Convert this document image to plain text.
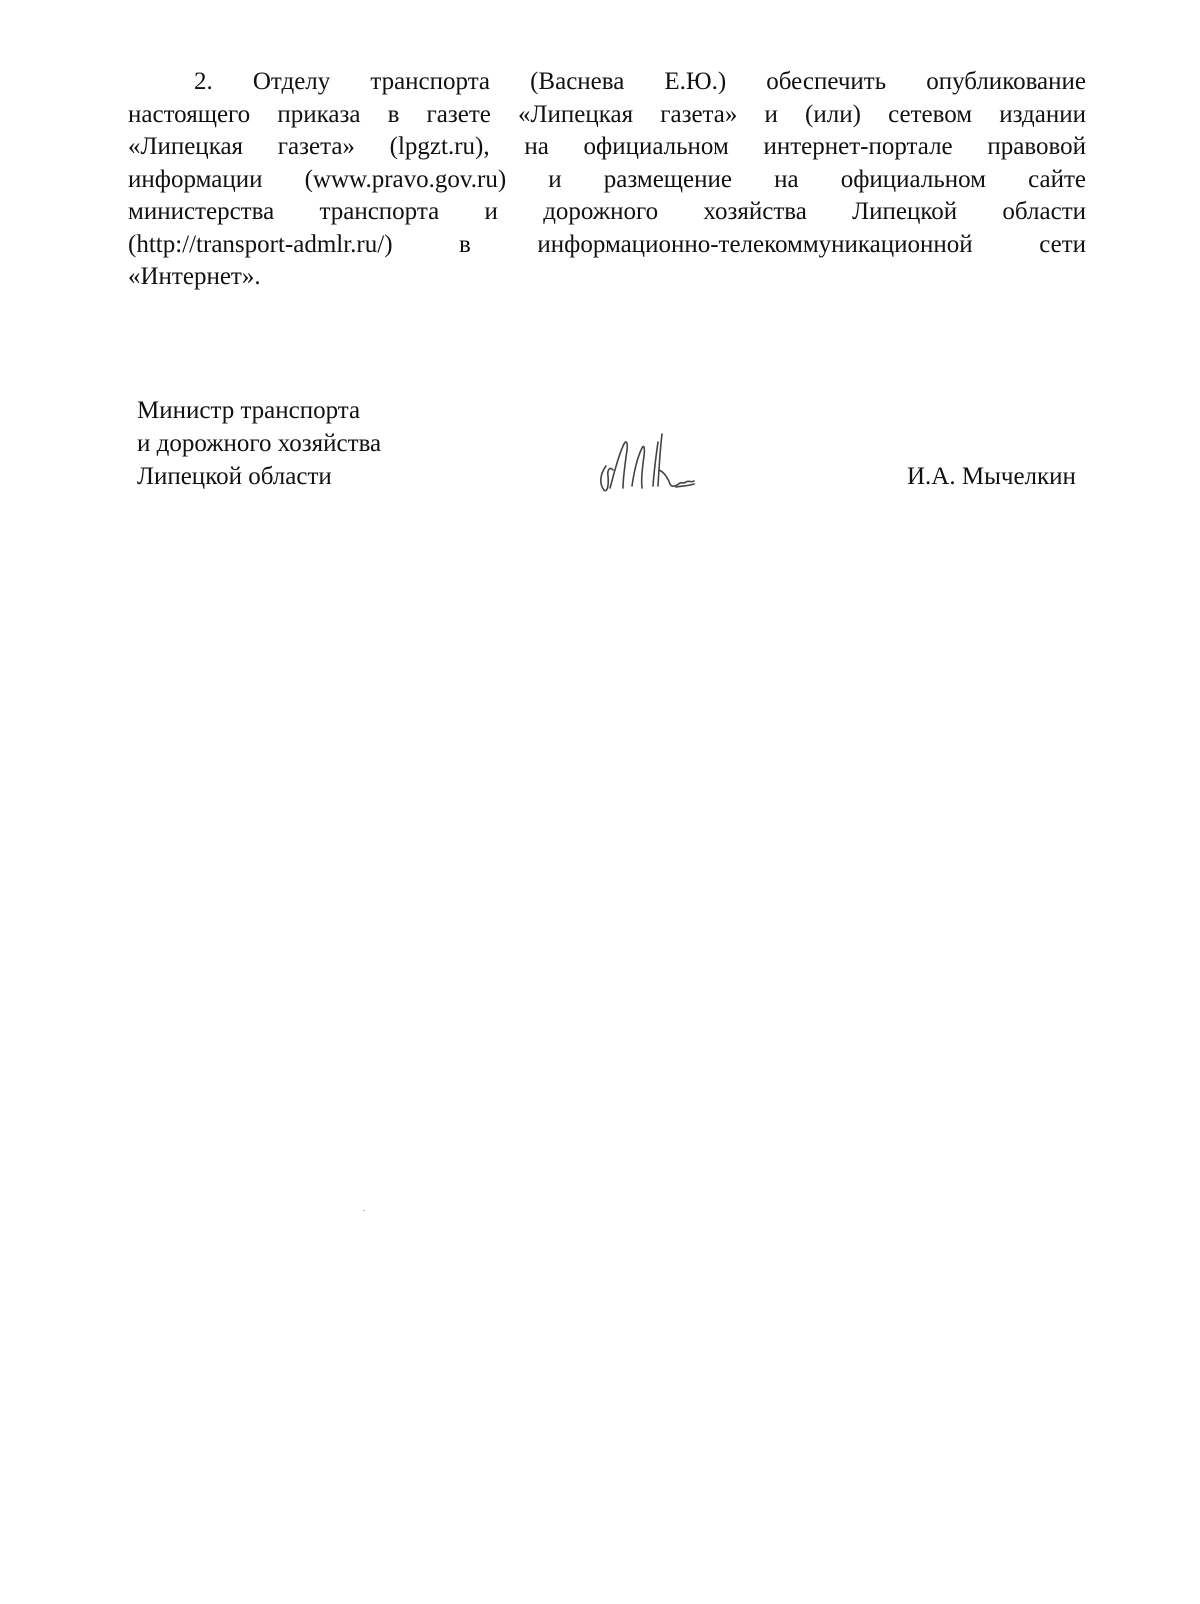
2. Отделу транспорта (Васнева Е.Ю.) обеспечить опубликование
настоящего приказа в газете «Липецкая газета» и (или) сетевом издании
«Липецкая газета» (lpgzt.ru), на официальном интернет-портале правовой
информации (www.pravo.gov.ru) и размещение на официальном сайте
министерства транспорта и дорожного хозяйства Липецкой области
(http://transport-admlr.ru/) в информационно-телекоммуникационной сети
«Интернет».
Министр транспорта
и дорожного хозяйства
Липецкой области	И.А. Мычелкин
